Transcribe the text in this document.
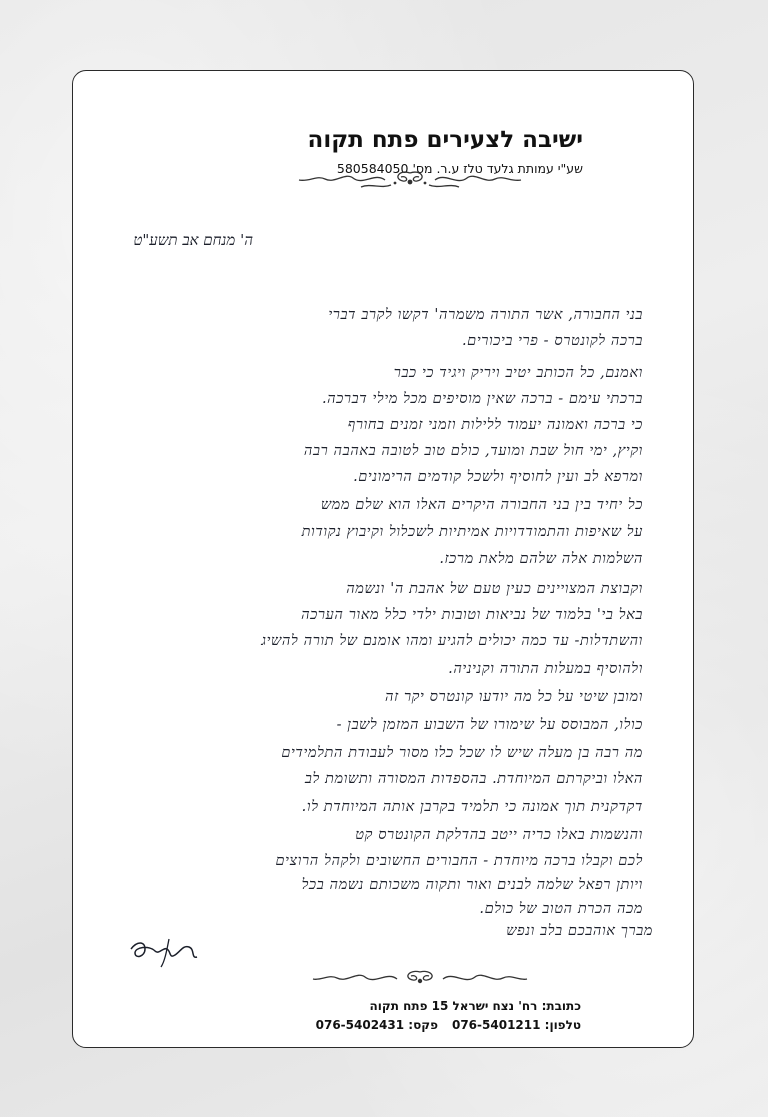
ישיבה לצעירים פתח תקוה
שע"י עמותת גלעד טלז ע.ר. מס' 580584050
ה' מנחם אב תשע"ט
בני החבורה, אשר התורה משמרה' דקשו לקרב דברי
ברכה לקונטרס - פרי ביכורים.
ואמנם, כל הכותב יטיב ויריק ויגיד כי כבר
ברכתי עימם - ברכה שאין מוסיפים מכל מילי דברכה.
כי ברכה ואמונה יעמוד ללילות וזמני זמנים בחורף
וקיץ, ימי חול שבת ומועד, כולם טוב לטובה באהבה רבה
ומרפא לב ועין לחוסיף ולשכל קודמים הרימונים.
כל יחיד בין בני החבורה היקרים האלו הוא שלם ממש
על שאיפות והתמודדויות אמיתיות לשכלול וקיבוץ נקודות
השלמות אלה שלהם מלאת מרכז.
וקבוצת המצויינים כעין טעם של אהבת ה' ונשמה
באל בי' בלמוד של נביאות וטובות ילדי כלל מאור הערכה
והשתדלות- עד כמה יכולים להגיע ומהו אומנם של תורה להשיג
ולהוסיף במעלות התורה וקניניה.
ומובן שיטי על כל מה יודעו קונטרס יקר זה
כולו, המבוסס על שימורו של השבוע המזמן לשבן -
מה רבה בן מעלה שיש לו שכל כלו מסור לעבודת התלמידים
האלו וביקרתם המיוחדת. בהספדות המסורה ותשומת לב
דקדקנית תוך אמונה כי תלמיד בקרבן אותה המיוחדת לו.
והנשמות באלו כריה ייטב בהדלקת הקונטרס קט
לכם וקבלו ברכה מיוחדת - החבורים החשובים ולקהל הרוצים
ויותן רפאל שלמה לבנים ואור ותקוה משכותם נשמה בכל
מכה הכרת הטוב של כולם.
מברך אוהבכם בלב ונפש
כתובת: רח' נצח ישראל 15 פתח תקוה
טלפון: 076-5401211פקס: 076-5402431
